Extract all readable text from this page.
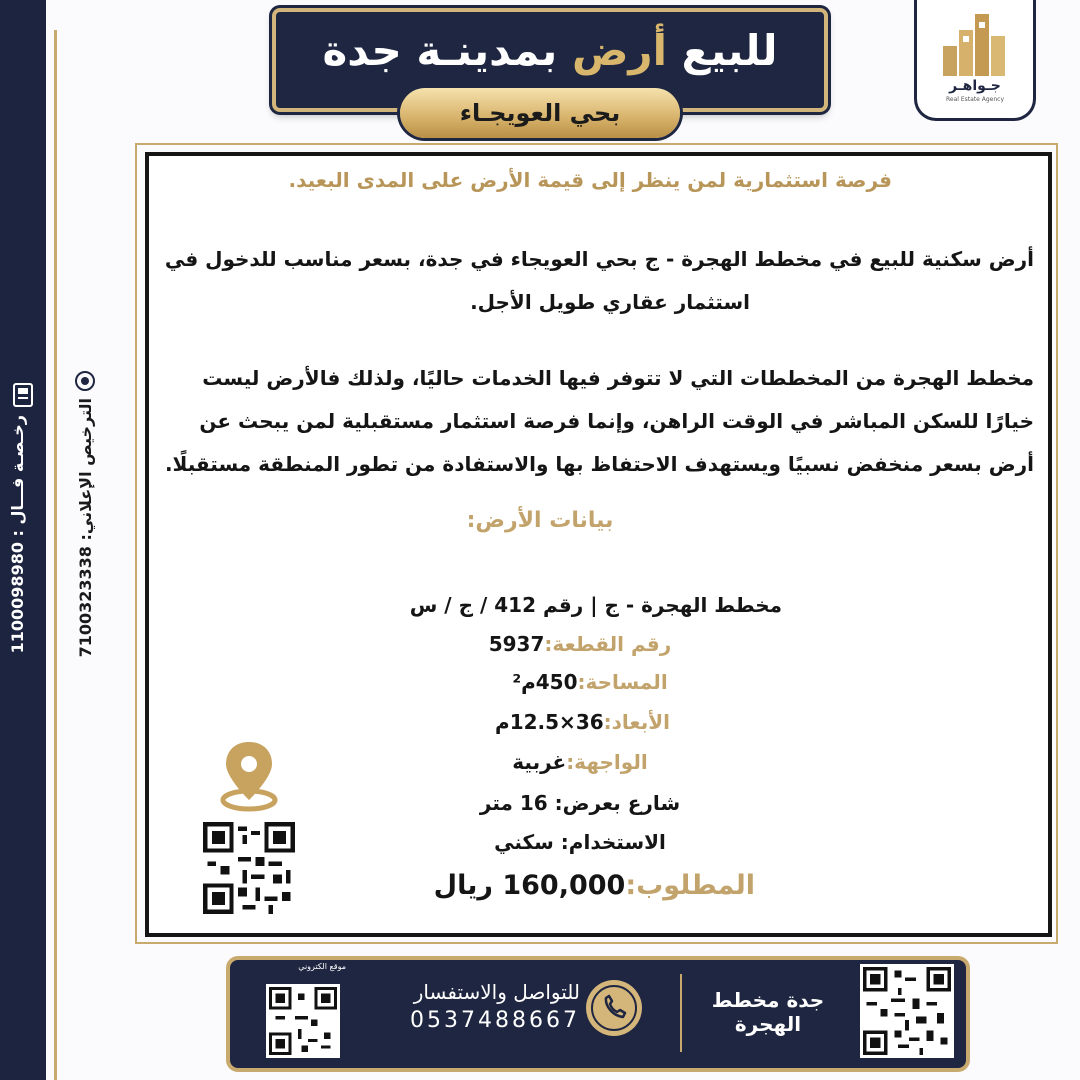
رخـصـة فـــال : 1100098980
الترخيص الإعلاني: 7100323338
للبيع أرض بمدينـة جدة
بحي العويجـاء
جـواهـر
Real Estate Agency
فرصة استثمارية لمن ينظر إلى قيمة الأرض على المدى البعيد.
أرض سكنية للبيع في مخطط الهجرة - ج بحي العويجاء في جدة، بسعر مناسب للدخول في
استثمار عقاري طويل الأجل.
مخطط الهجرة من المخططات التي لا تتوفر فيها الخدمات حاليًا، ولذلك فالأرض ليست خيارًا للسكن المباشر في الوقت الراهن، وإنما فرصة استثمار مستقبلية لمن يبحث عن أرض بسعر منخفض نسبيًا ويستهدف الاحتفاظ بها والاستفادة من تطور المنطقة مستقبلًا.
بيانات الأرض:
مخطط الهجرة - ج | رقم 412 / ج / س
رقم القطعة:5937
المساحة:450م²
الأبعاد:36×12.5م
الواجهة:غربية
شارع بعرض: 16 متر
الاستخدام: سكني
المطلوب:160,000 ريال
موقع الكتروني
للتواصل والاستفسار
0537488667
جدة مخطط الهجرة
